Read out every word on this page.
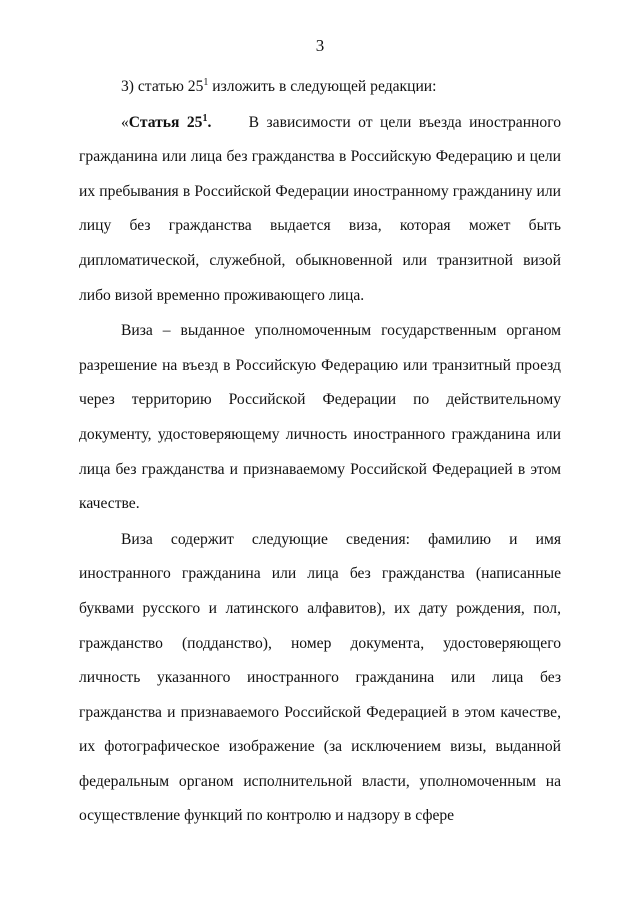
3

3) статью $25^1$ изложить в следующей редакции:

«Статья $25^1$. В зависимости от цели въезда иностранного гражданина или лица без гражданства в Российскую Федерацию и цели их пребывания в Российской Федерации иностранному гражданину или лицу без гражданства выдается виза, которая может быть дипломатической, служебной, обыкновенной или транзитной визой либо визой временно проживающего лица.

Виза – выданное уполномоченным государственным органом разрешение на въезд в Российскую Федерацию или транзитный проезд через территорию Российской Федерации по действительному документу, удостоверяющему личность иностранного гражданина или лица без гражданства и признаваемому Российской Федерацией в этом качестве.

Виза содержит следующие сведения: фамилию и имя иностранного гражданина или лица без гражданства (написанные буквами русского и латинского алфавитов), их дату рождения, пол, гражданство (подданство), номер документа, удостоверяющего личность указанного иностранного гражданина или лица без гражданства и признаваемого Российской Федерацией в этом качестве, их фотографическое изображение (за исключением визы, выданной федеральным органом исполнительной власти, уполномоченным на осуществление функций по контролю и надзору в сфере
